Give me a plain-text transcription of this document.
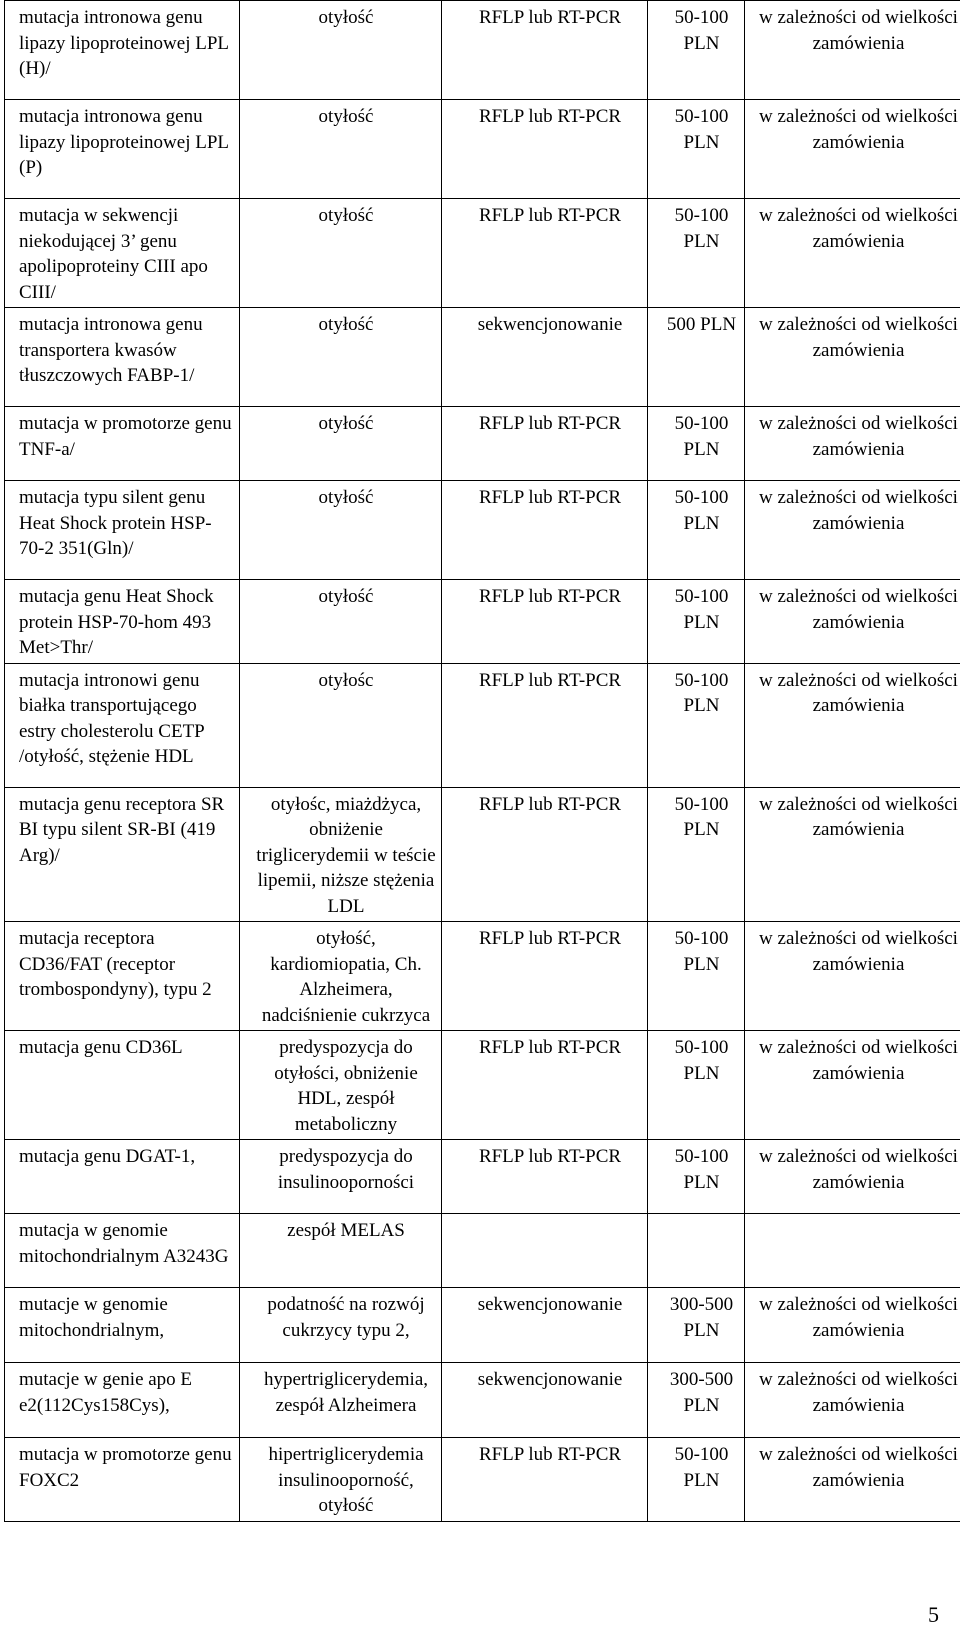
mutacja intronowa genu lipazy lipoproteinowej LPL (H)/	otyłość	RFLP lub RT-PCR	50-100 PLN	w zależności od wielkości zamówienia

mutacja intronowa genu lipazy lipoproteinowej LPL (P)	otyłość	RFLP lub RT-PCR	50-100 PLN	w zależności od wielkości zamówienia

mutacja w sekwencji niekodującej 3’ genu apolipoproteiny CIII apo CIII/	otyłość	RFLP lub RT-PCR	50-100 PLN	w zależności od wielkości zamówienia

mutacja intronowa genu transportera kwasów tłuszczowych FABP-1/	otyłość	sekwencjonowanie	500 PLN	w zależności od wielkości zamówienia

mutacja w promotorze genu TNF-a/	otyłość	RFLP lub RT-PCR	50-100 PLN	w zależności od wielkości zamówienia

mutacja typu silent genu Heat Shock protein HSP-70-2 351(Gln)/	otyłość	RFLP lub RT-PCR	50-100 PLN	w zależności od wielkości zamówienia

mutacja genu Heat Shock protein HSP-70-hom 493 Met>Thr/	otyłość	RFLP lub RT-PCR	50-100 PLN	w zależności od wielkości zamówienia

mutacja intronowi genu białka transportującego estry cholesterolu CETP /otyłość, stężenie HDL	otyłośc	RFLP lub RT-PCR	50-100 PLN	w zależności od wielkości zamówienia

mutacja genu receptora SR BI typu silent SR-BI (419 Arg)/	otyłośc, miażdżyca, obniżenie triglicerydemii w teście lipemii, niższe stężenia LDL	RFLP lub RT-PCR	50-100 PLN	w zależności od wielkości zamówienia

mutacja receptora CD36/FAT (receptor trombospondyny), typu 2	otyłość, kardiomiopatia, Ch. Alzheimera, nadciśnienie cukrzyca	RFLP lub RT-PCR	50-100 PLN	w zależności od wielkości zamówienia

mutacja genu CD36L	predyspozycja do otyłości, obniżenie HDL, zespół metaboliczny	RFLP lub RT-PCR	50-100 PLN	w zależności od wielkości zamówienia

mutacja genu DGAT-1,	predyspozycja do insulinooporności	RFLP lub RT-PCR	50-100 PLN	w zależności od wielkości zamówienia

mutacja w genomie mitochondrialnym A3243G	zespół MELAS			

mutacje w genomie mitochondrialnym,	podatność na rozwój cukrzycy typu 2,	sekwencjonowanie	300-500 PLN	w zależności od wielkości zamówienia

mutacje w genie apo E e2(112Cys158Cys),	hypertriglicerydemia, zespół Alzheimera	sekwencjonowanie	300-500 PLN	w zależności od wielkości zamówienia

mutacja w promotorze genu FOXC2	hipertriglicerydemia insulinooporność, otyłość	RFLP lub RT-PCR	50-100 PLN	w zależności od wielkości zamówienia
5
